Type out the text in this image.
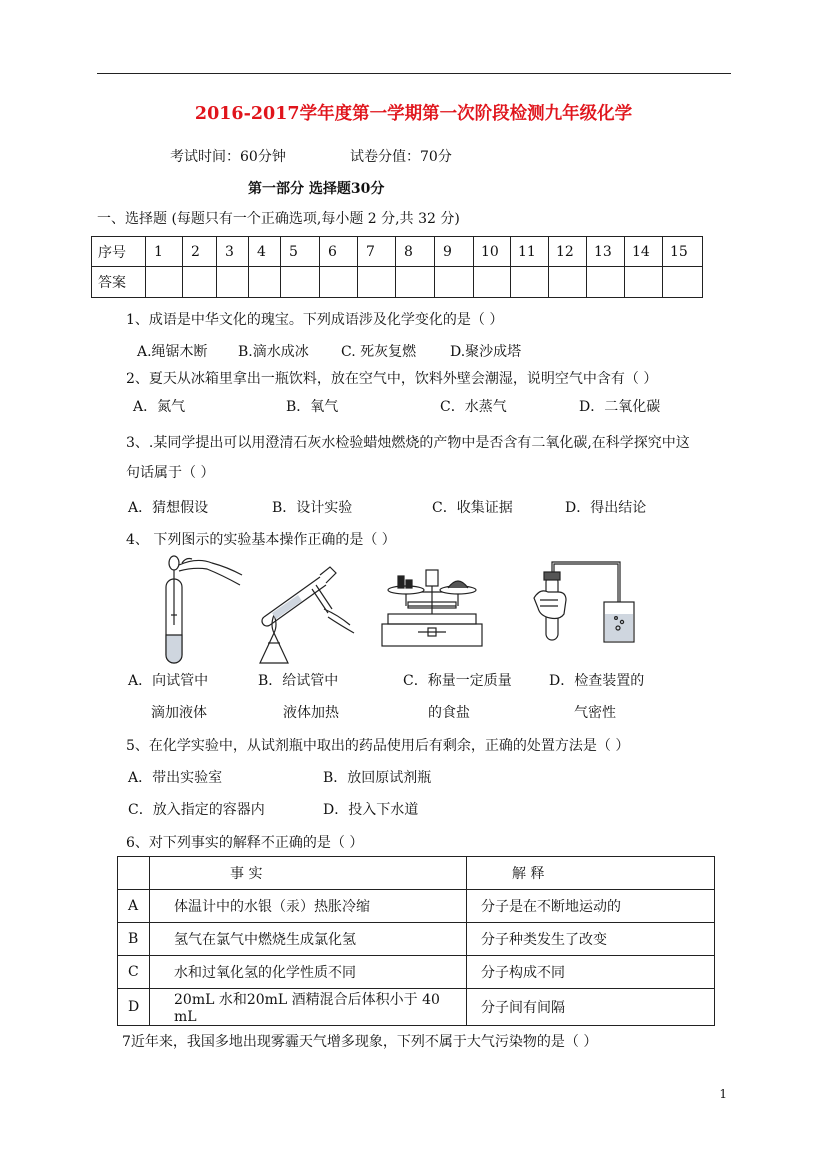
2016-2017学年度第一学期第一次阶段检测九年级化学
考试时间：60分钟	试卷分值：70分
第一部分 选择题30分
一、选择题 (每题只有一个正确选项,每小题 2 分,共 32 分)
序号	1	2	3	4	5	6	7	8	9	10	11	12	13	14	15
答案															
1、成语是中华文化的瑰宝。下列成语涉及化学变化的是（ ）
A.绳锯木断 B.滴水成冰 C. 死灰复燃 D.聚沙成塔
2、夏天从冰箱里拿出一瓶饮料，放在空气中，饮料外壁会潮湿，说明空气中含有（ ）
A．氮气	B．氧气	C．水蒸气	D．二氧化碳
3、.某同学提出可以用澄清石灰水检验蜡烛燃烧的产物中是否含有二氧化碳,在科学探究中这
句话属于（ ）
A．猜想假设	B．设计实验	C．收集证据	D．得出结论
4、 下列图示的实验基本操作正确的是（ ）
A．向试管中
滴加液体
B．给试管中
液体加热
C．称量一定质量
的食盐
D．检查装置的
气密性
5、在化学实验中，从试剂瓶中取出的药品使用后有剩余，正确的处置方法是（ ）
A．带出实验室	B．放回原试剂瓶
C．放入指定的容器内	D．投入下水道
6、对下列事实的解释不正确的是（ ）
	事 实	解 释
A	体温计中的水银（汞）热胀冷缩	分子是在不断地运动的
B	氢气在氯气中燃烧生成氯化氢	分子种类发生了改变
C	水和过氧化氢的化学性质不同	分子构成不同
D	20mL 水和20mL 酒精混合后体积小于 40 mL	分子间有间隔
7近年来，我国多地出现雾霾天气增多现象，下列不属于大气污染物的是（ ）
1
